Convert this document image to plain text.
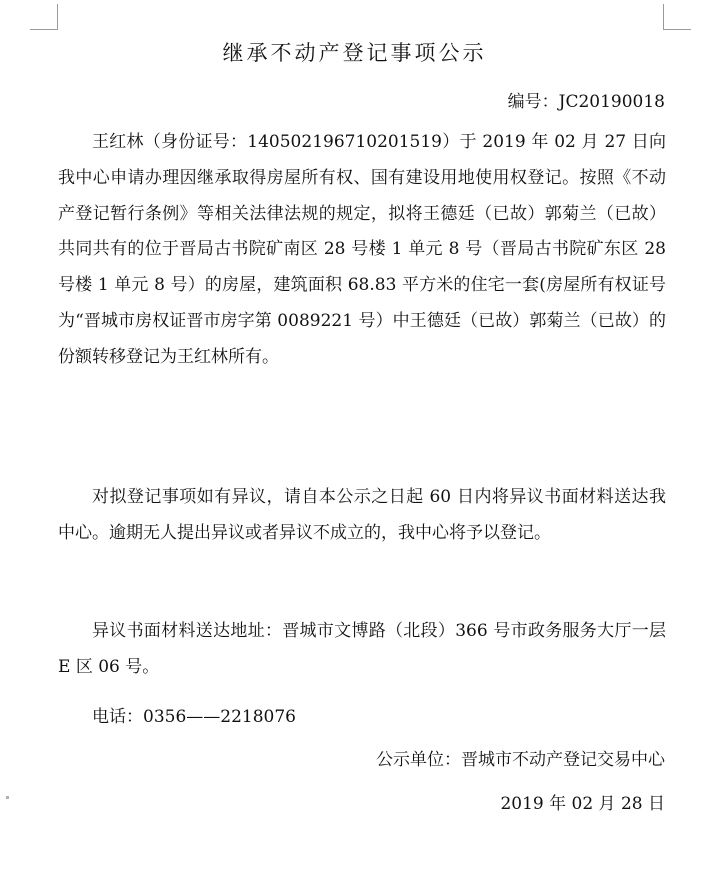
继承不动产登记事项公示
编号：JC20190018

王红林（身份证号：140502196710201519）于 2019 年 02 月 27 日向我中心申请办理因继承取得房屋所有权、国有建设用地使用权登记。按照《不动产登记暂行条例》等相关法律法规的规定，拟将王德廷（已故）郭菊兰（已故）共同共有的位于晋局古书院矿南区 28 号楼 1 单元 8 号（晋局古书院矿东区 28 号楼 1 单元 8 号）的房屋，建筑面积 68.83 平方米的住宅一套(房屋所有权证号为“晋城市房权证晋市房字第 0089221 号）中王德廷（已故）郭菊兰（已故）的份额转移登记为王红林所有。

对拟登记事项如有异议，请自本公示之日起 60 日内将异议书面材料送达我中心。逾期无人提出异议或者异议不成立的，我中心将予以登记。

异议书面材料送达地址：晋城市文博路（北段）366 号市政务服务大厅一层 E 区 06 号。

电话：0356——2218076

公示单位：晋城市不动产登记交易中心
2019 年 02 月 28 日
